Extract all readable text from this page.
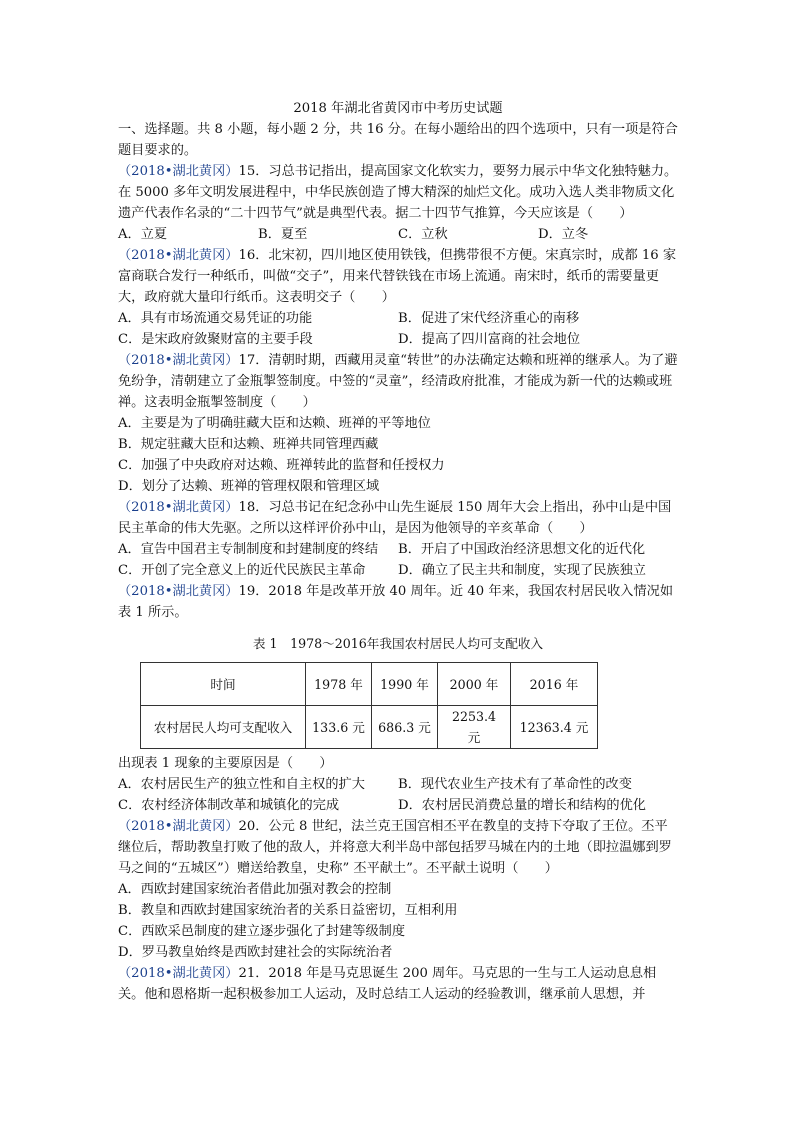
2018 年湖北省黄冈市中考历史试题

一、选择题。共 8 小题，每小题 2 分，共 16 分。在每小题给出的四个选项中，只有一项是符合题目要求的。

（2018•湖北黄冈）15．习总书记指出，提高国家文化软实力，要努力展示中华文化独特魅力。在 5000 多年文明发展进程中，中华民族创造了博大精深的灿烂文化。成功入选人类非物质文化遗产代表作名录的“二十四节气”就是典型代表。据二十四节气推算，今天应该是（　　）

A．立夏	B．夏至	C．立秋	D．立冬

（2018•湖北黄冈）16．北宋初，四川地区使用铁钱，但携带很不方便。宋真宗时，成都 16 家富商联合发行一种纸币，叫做“交子”，用来代替铁钱在市场上流通。南宋时，纸币的需要量更大，政府就大量印行纸币。这表明交子（　　）

A．具有市场流通交易凭证的功能	B．促进了宋代经济重心的南移
C．是宋政府敛聚财富的主要手段	D．提高了四川富商的社会地位

（2018•湖北黄冈）17．清朝时期，西藏用灵童“转世”的办法确定达赖和班禅的继承人。为了避免纷争，清朝建立了金瓶掣签制度。中签的“灵童”，经清政府批准，才能成为新一代的达赖或班禅。这表明金瓶掣签制度（　　）

A．主要是为了明确驻藏大臣和达赖、班禅的平等地位
B．规定驻藏大臣和达赖、班禅共同管理西藏
C．加强了中央政府对达赖、班禅转此的监督和任授权力
D．划分了达赖、班禅的管理权限和管理区域

（2018•湖北黄冈）18．习总书记在纪念孙中山先生诞辰 150 周年大会上指出，孙中山是中国民主革命的伟大先驱。之所以这样评价孙中山，是因为他领导的辛亥革命（　　）

A．宣告中国君主专制制度和封建制度的终结	B．开启了中国政治经济思想文化的近代化
C．开创了完全意义上的近代民族民主革命	D．确立了民主共和制度，实现了民族独立

（2018•湖北黄冈）19．2018 年是改革开放 40 周年。近 40 年来，我国农村居民收入情况如表 1 所示。

表 1　1978～2016年我国农村居民人均可支配收入

时间	1978 年	1990 年	2000 年	2016 年
农村居民人均可支配收入	133.6 元	686.3 元	2253.4 元	12363.4 元

出现表 1 现象的主要原因是（　　）

A．农村居民生产的独立性和自主权的扩大	B．现代农业生产技术有了革命性的改变
C．农村经济体制改革和城镇化的完成	D．农村居民消费总量的增长和结构的优化

（2018•湖北黄冈）20．公元 8 世纪，法兰克王国宫相丕平在教皇的支持下夺取了王位。丕平继位后，帮助教皇打败了他的敌人，并将意大利半岛中部包括罗马城在内的土地（即拉温娜到罗马之间的“五城区”）赠送给教皇，史称” 丕平献土”。丕平献土说明（　　）

A．西欧封建国家统治者借此加强对教会的控制
B．教皇和西欧封建国家统治者的关系日益密切，互相利用
C．西欧采邑制度的建立逐步强化了封建等级制度
D．罗马教皇始终是西欧封建社会的实际统治者

（2018•湖北黄冈）21．2018 年是马克思诞生 200 周年。马克思的一生与工人运动息息相关。他和恩格斯一起积极参加工人运动，及时总结工人运动的经验教训，继承前人思想，并
